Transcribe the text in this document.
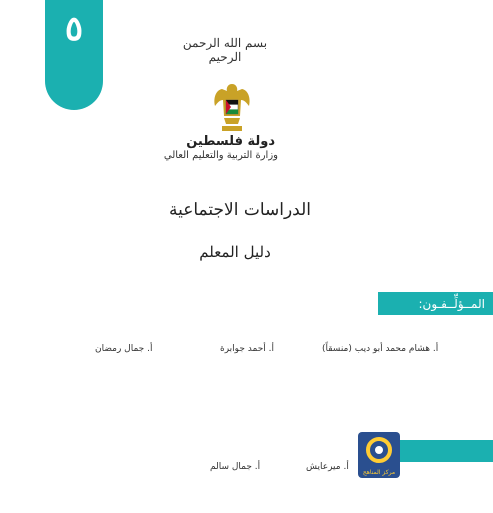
٥	بسم الله الرحمن الرحيم
دولة فلسطين
وزارة التربية والتعليم العالي
الدراسات الاجتماعية
دليل المعلم
المــؤلِّــفـون:
أ. هشام محمد أبو ديب (منسقاً)
أ. أحمد جوابرة
أ. جمال رمضان
أ. ميرعايش
أ. جمال سالم
مركز المناهج
